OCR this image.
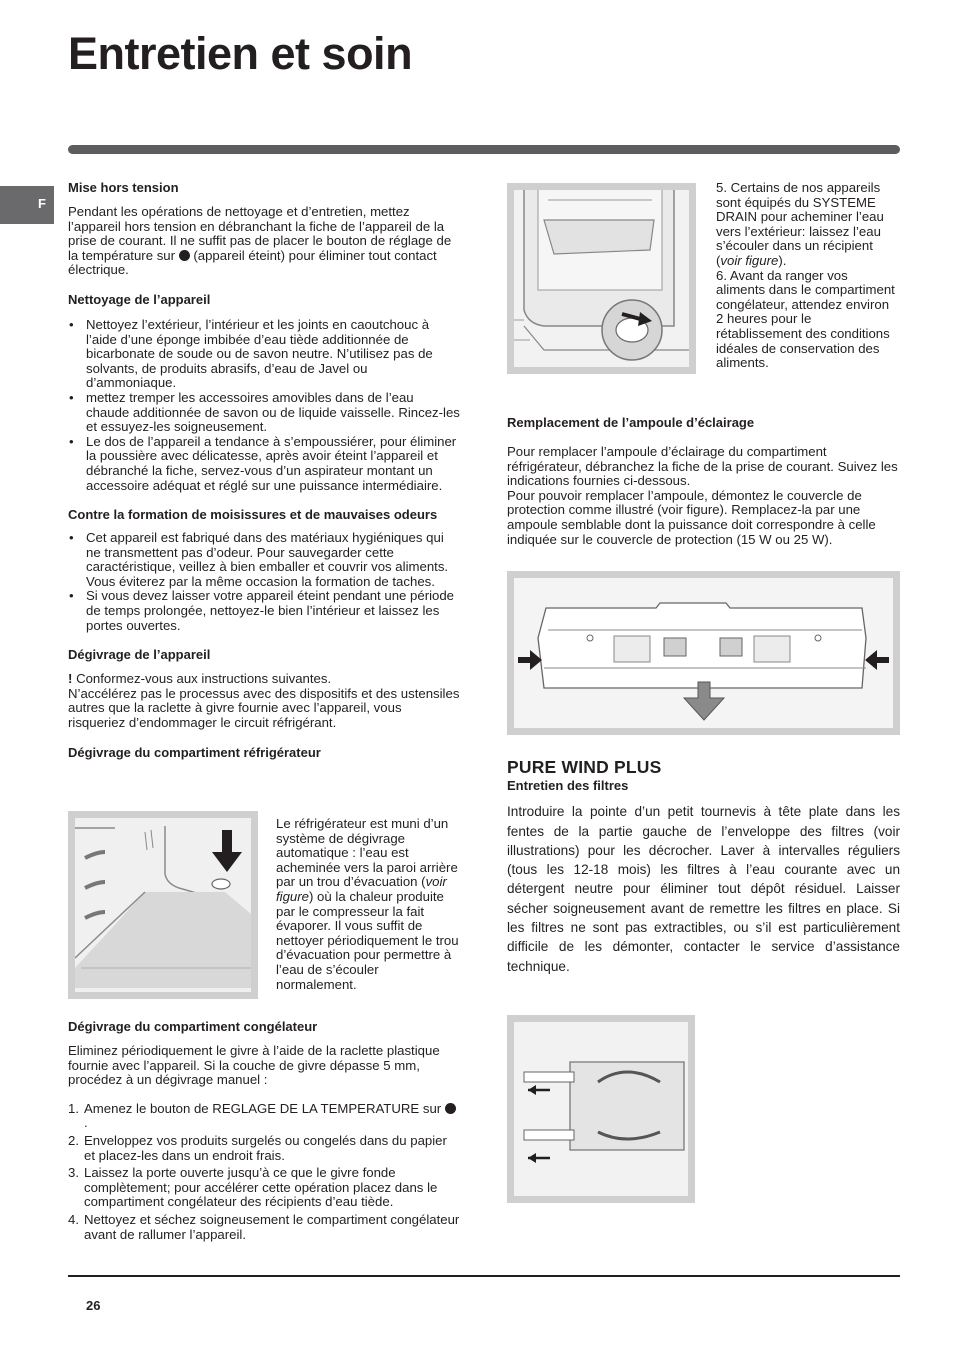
Entretien et soin
F

Mise hors tension

Pendant les opérations de nettoyage et d’entretien, mettez l’appareil hors tension en débranchant la fiche de l’appareil de la prise de courant. Il ne suffit pas de placer le bouton de réglage de la température sur (appareil éteint) pour éliminer tout contact électrique.

Nettoyage de l’appareil

• Nettoyez l’extérieur, l’intérieur et les joints en caoutchouc à l’aide d’une éponge imbibée d’eau tiède additionnée de bicarbonate de soude ou de savon neutre. N’utilisez pas de solvants, de produits abrasifs, d’eau de Javel ou d’ammoniaque.
• mettez tremper les accessoires amovibles dans de l’eau chaude additionnée de savon ou de liquide vaisselle. Rincez-les et essuyez-les soigneusement.
• Le dos de l’appareil a tendance à s’empoussiérer, pour éliminer la poussière avec délicatesse, après avoir éteint l’appareil et débranché la fiche, servez-vous d’un aspirateur montant un accessoire adéquat et réglé sur une puissance intermédiaire.

Contre la formation de moisissures et de mauvaises odeurs

• Cet appareil est fabriqué dans des matériaux hygiéniques qui ne transmettent pas d’odeur. Pour sauvegarder cette caractéristique, veillez à bien emballer et couvrir vos aliments. Vous éviterez par la même occasion la formation de taches.
• Si vous devez laisser votre appareil éteint pendant une période de temps prolongée, nettoyez-le bien l’intérieur et laissez les portes ouvertes.

Dégivrage de l’appareil

! Conformez-vous aux instructions suivantes.

N’accélérez pas le processus avec des dispositifs et des ustensiles autres que la raclette à givre fournie avec l’appareil, vous risqueriez d’endommager le circuit réfrigérant.

Dégivrage du compartiment réfrigérateur

Le réfrigérateur est muni d’un système de dégivrage automatique : l’eau est acheminée vers la paroi arrière par un trou d’évacuation (voir figure) où la chaleur produite par le compresseur la fait évaporer. Il vous suffit de nettoyer périodiquement le trou d’évacuation pour permettre à l’eau de s’écouler normalement.

Dégivrage du compartiment congélateur

Eliminez périodiquement le givre à l’aide de la raclette plastique fournie avec l’appareil. Si la couche de givre dépasse 5 mm, procédez à un dégivrage manuel :

1. Amenez le bouton de REGLAGE DE LA TEMPERATURE sur  .
2. Enveloppez vos produits surgelés ou congelés dans du papier et placez-les dans un endroit frais.
3. Laissez la porte ouverte jusqu’à ce que le givre fonde complètement; pour accélérer cette opération placez dans le compartiment congélateur des récipients d’eau tiède.
4. Nettoyez et séchez soigneusement le compartiment congélateur avant de rallumer l’appareil.

5. Certains de nos appareils sont équipés du SYSTEME DRAIN pour acheminer l’eau vers l’extérieur: laissez l’eau s’écouler dans un récipient (voir figure).

6. Avant da ranger vos aliments dans le compartiment congélateur, attendez environ 2 heures pour le rétablissement des conditions idéales de conservation des aliments.

Remplacement de l’ampoule d’éclairage

Pour remplacer l’ampoule d’éclairage du compartiment réfrigérateur, débranchez la fiche de la prise de courant. Suivez les indications fournies ci-dessous.

Pour pouvoir remplacer l’ampoule, démontez le couvercle de protection comme illustré (voir figure). Remplacez-la par une ampoule semblable dont la puissance doit correspondre à celle indiquée sur le couvercle de protection (15 W ou 25 W).

PURE WIND PLUS

Entretien des filtres

Introduire la pointe d’un petit tournevis à tête plate dans les fentes de la partie gauche de l’enveloppe des filtres (voir illustrations) pour les décrocher. Laver à intervalles réguliers (tous les 12-18 mois) les filtres à l’eau courante avec un détergent neutre pour éliminer tout dépôt résiduel. Laisser sécher soigneusement avant de remettre les filtres en place. Si les filtres ne sont pas extractibles, ou s’il est particulièrement difficile de les démonter, contacter le service d’assistance technique.

26
